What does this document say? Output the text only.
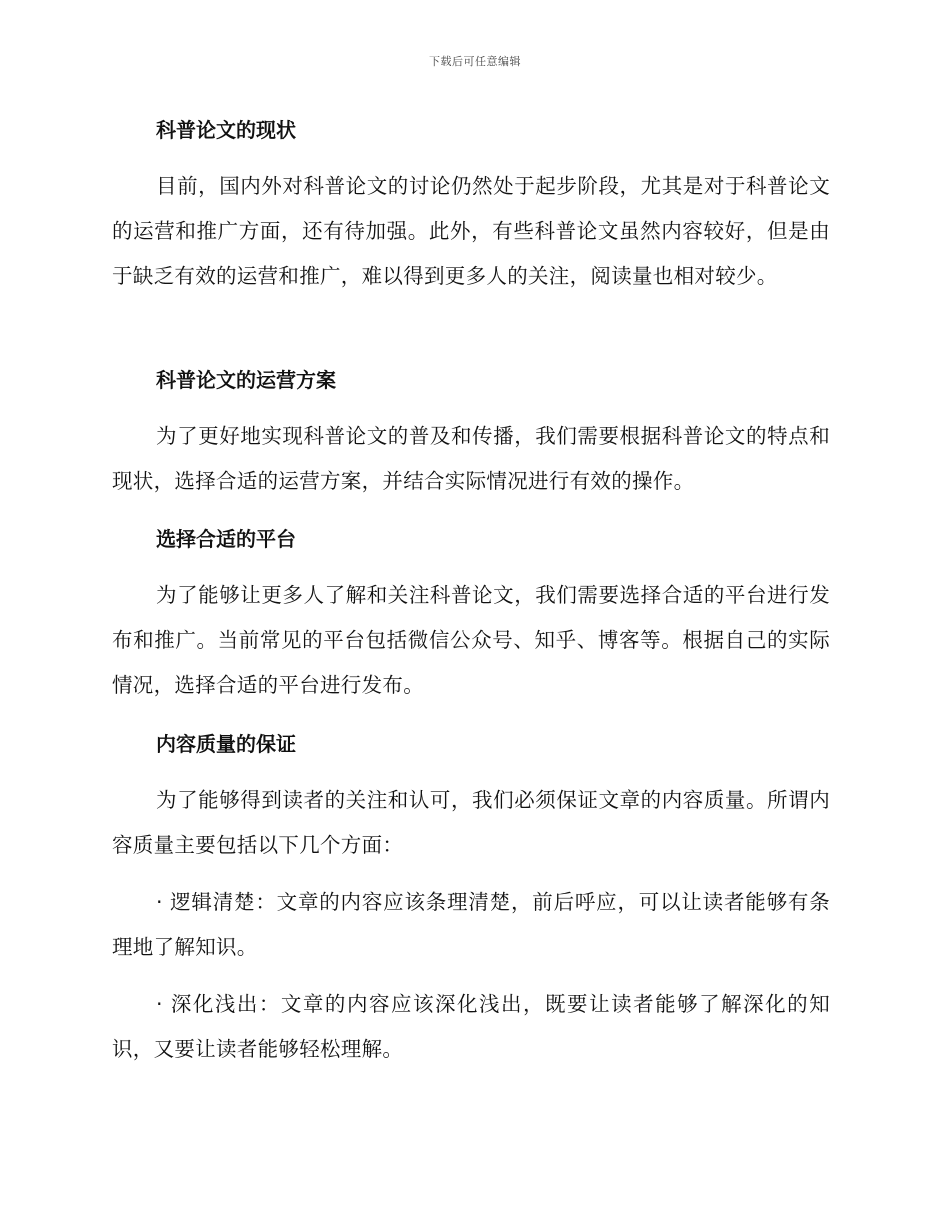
下载后可任意编辑
科普论文的现状
目前，国内外对科普论文的讨论仍然处于起步阶段，尤其是对于科普论文的运营和推广方面，还有待加强。此外，有些科普论文虽然内容较好，但是由于缺乏有效的运营和推广，难以得到更多人的关注，阅读量也相对较少。
科普论文的运营方案
为了更好地实现科普论文的普及和传播，我们需要根据科普论文的特点和现状，选择合适的运营方案，并结合实际情况进行有效的操作。
选择合适的平台
为了能够让更多人了解和关注科普论文，我们需要选择合适的平台进行发布和推广。当前常见的平台包括微信公众号、知乎、博客等。根据自己的实际情况，选择合适的平台进行发布。
内容质量的保证
为了能够得到读者的关注和认可，我们必须保证文章的内容质量。所谓内容质量主要包括以下几个方面：
· 逻辑清楚：文章的内容应该条理清楚，前后呼应，可以让读者能够有条理地了解知识。
· 深化浅出：文章的内容应该深化浅出，既要让读者能够了解深化的知识，又要让读者能够轻松理解。
